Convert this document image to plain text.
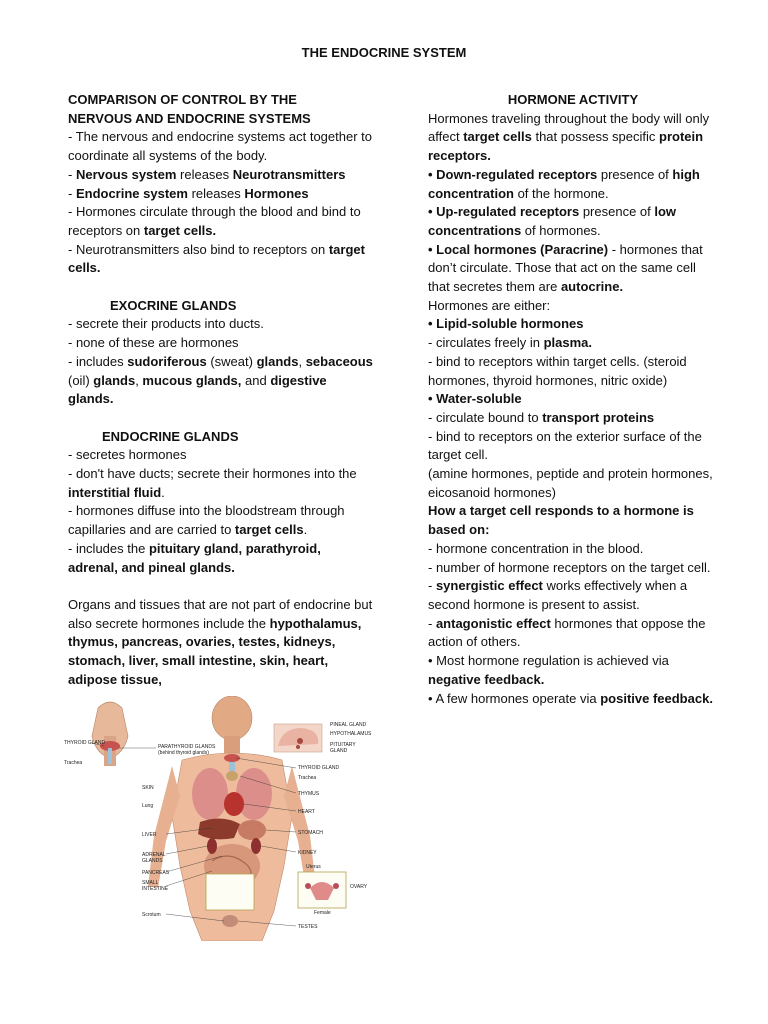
THE ENDOCRINE SYSTEM

COMPARISON OF CONTROL BY THE
NERVOUS AND ENDOCRINE SYSTEMS

- The nervous and endocrine systems act together to coordinate all systems of the body.

- Nervous system releases Neurotransmitters

- Endocrine system releases Hormones

- Hormones circulate through the blood and bind to receptors on target cells.

- Neurotransmitters also bind to receptors on target cells.

EXOCRINE GLANDS

- secrete their products into ducts.

- none of these are hormones

- includes sudoriferous (sweat) glands, sebaceous (oil) glands, mucous glands, and digestive glands.

ENDOCRINE GLANDS

- secretes hormones

- don't have ducts; secrete their hormones into the interstitial fluid.

- hormones diffuse into the bloodstream through capillaries and are carried to target cells.

- includes the pituitary gland, parathyroid, adrenal, and pineal glands.

Organs and tissues that are not part of endocrine but also secrete hormones include the hypothalamus, thymus, pancreas, ovaries, testes, kidneys, stomach, liver, small intestine, skin, heart, adipose tissue,

HORMONE ACTIVITY

Hormones traveling throughout the body will only affect target cells that possess specific protein receptors.

• Down-regulated receptors presence of high concentration of the hormone.

• Up-regulated receptors presence of low concentrations of hormones.

• Local hormones (Paracrine) - hormones that don’t circulate. Those that act on the same cell that secretes them are autocrine.

Hormones are either:

• Lipid-soluble hormones

- circulates freely in plasma.

- bind to receptors within target cells. (steroid hormones, thyroid hormones, nitric oxide)

• Water-soluble

- circulate bound to transport proteins

- bind to receptors on the exterior surface of the target cell.

(amine hormones, peptide and protein hormones, eicosanoid hormones)

How a target cell responds to a hormone is based on:

- hormone concentration in the blood.

- number of hormone receptors on the target cell.

- synergistic effect works effectively when a second hormone is present to assist.

- antagonistic effect hormones that oppose the action of others.

• Most hormone regulation is achieved via negative feedback.

• A few hormones operate via positive feedback.

THYROID GLAND
Trachea
PARATHYROID GLANDS (behind thyroid glands)
PINEAL GLAND
HYPOTHALAMUS
PITUITARY GLAND
THYROID GLAND
Trachea
SKIN
THYMUS
Lung
HEART
LIVER	STOMACH
ADRENAL GLANDS
KIDNEY
PANCREAS
Uterus
SMALL INTESTINE	OVARY
Scrotum	Female
TESTES
